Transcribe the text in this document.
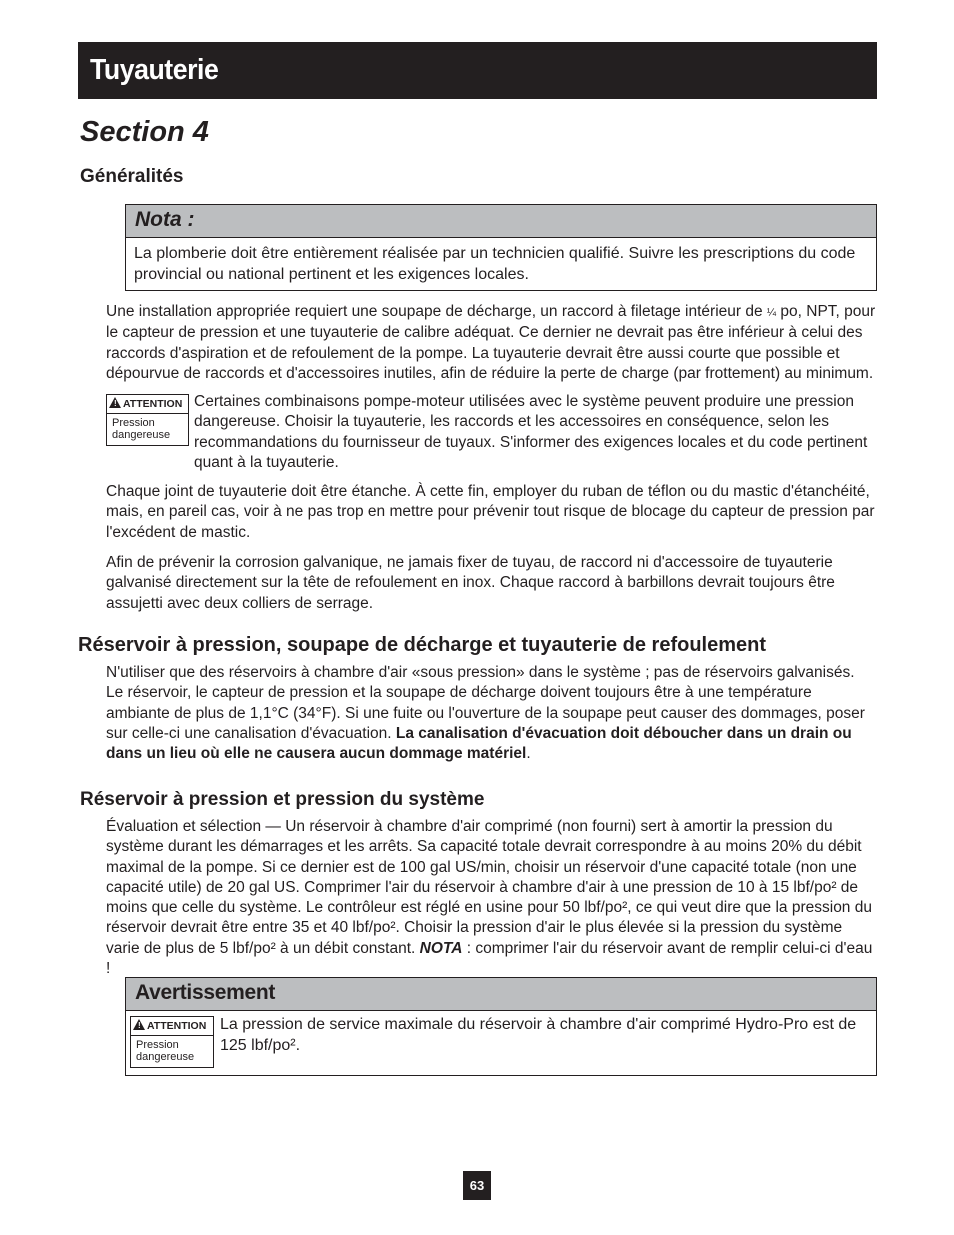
Tuyauterie
Section 4
Généralités
Nota :
La plomberie doit être entièrement réalisée par un technicien qualifié. Suivre les prescriptions du code provincial ou national pertinent et les exigences locales.
Une installation appropriée requiert une soupape de décharge, un raccord à filetage intérieur de ¼ po, NPT, pour le capteur de pression et une tuyauterie de calibre adéquat. Ce dernier ne devrait pas être inférieur à celui des raccords d'aspiration et de refoulement de la pompe. La tuyauterie devrait être aussi courte que possible et dépourvue de raccords et d'accessoires inutiles, afin de réduire la perte de charge (par frottement) au minimum.
! ATTENTION
Pression
dangereuse
Certaines combinaisons pompe-moteur utilisées avec le système peuvent produire une pression dangereuse. Choisir la tuyauterie, les raccords et les accessoires en conséquence, selon les recommandations du fournisseur de tuyaux. S'informer des exigences locales et du code pertinent quant à la tuyauterie.
Chaque joint de tuyauterie doit être étanche. À cette fin, employer du ruban de téflon ou du mastic d'étanchéité, mais, en pareil cas, voir à ne pas trop en mettre pour prévenir tout risque de blocage du capteur de pression par l'excédent de mastic.
Afin de prévenir la corrosion galvanique, ne jamais fixer de tuyau, de raccord ni d'accessoire de tuyauterie galvanisé directement sur la tête de refoulement en inox. Chaque raccord à barbillons devrait toujours être assujetti avec deux colliers de serrage.
Réservoir à pression, soupape de décharge et tuyauterie de refoulement
N'utiliser que des réservoirs à chambre d'air «sous pression» dans le système ; pas de réservoirs galvanisés. Le réservoir, le capteur de pression et la soupape de décharge doivent toujours être à une température ambiante de plus de 1,1°C (34°F). Si une fuite ou l'ouverture de la soupape peut causer des dommages, poser sur celle-ci une canalisation d'évacuation. La canalisation d'évacuation doit déboucher dans un drain ou dans un lieu où elle ne causera aucun dommage matériel.
Réservoir à pression et pression du système
Évaluation et sélection — Un réservoir à chambre d'air comprimé (non fourni) sert à amortir la pression du système durant les démarrages et les arrêts. Sa capacité totale devrait correspondre à au moins 20% du débit maximal de la pompe. Si ce dernier est de 100 gal US/min, choisir un réservoir d'une capacité totale (non une capacité utile) de 20 gal US. Comprimer l'air du réservoir à chambre d'air à une pression de 10 à 15 lbf/po² de moins que celle du système. Le contrôleur est réglé en usine pour 50 lbf/po², ce qui veut dire que la pression du réservoir devrait être entre 35 et 40 lbf/po². Choisir la pression d'air le plus élevée si la pression du système varie de plus de 5 lbf/po² à un débit constant. NOTA : comprimer l'air du réservoir avant de remplir celui-ci d'eau !
Avertissement
La pression de service maximale du réservoir à chambre d'air comprimé Hydro-Pro est de 125 lbf/po².
! ATTENTION
Pression
dangereuse
63
